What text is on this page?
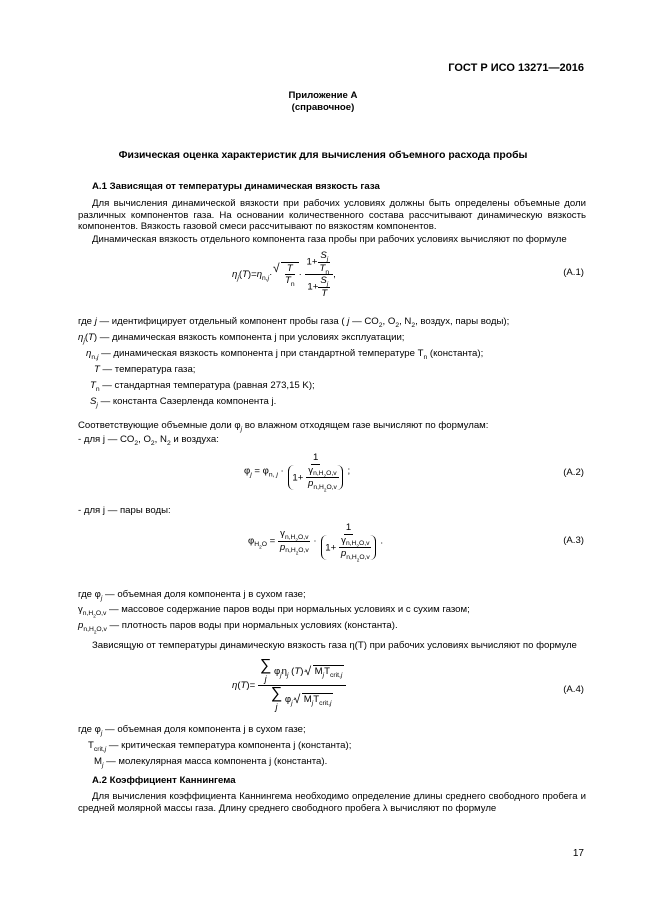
ГОСТ Р ИСО 13271—2016
Приложение А
(справочное)
Физическая оценка характеристик для вычисления объемного расхода пробы
А.1 Зависящая от температуры динамическая вязкость газа
Для вычисления динамической вязкости при рабочих условиях должны быть определены объемные доли различных компонентов газа. На основании количественного состава рассчитывают динамическую вязкость компонентов. Вязкость газовой смеси рассчитывают по вязкостям компонентов.
Динамическая вязкость отдельного компонента газа пробы при рабочих условиях вычисляют по формуле
$\eta_j(T)=\eta_{n,j}\cdot$
√ $\frac{T}{T_n} \cdot \frac{1+ \frac{S_j}{T_n}}{1+ \frac{S_j}{T}}$ ,	(А.1)
где j — идентифицирует отдельный компонент пробы газа ( j — $CO_2$, $O_2$, $N_2$, воздух, пары воды);
$\eta_j(T)$ — динамическая вязкость компонента j при условиях эксплуатации;
$\eta_{n,j}$ — динамическая вязкость компонента j при стандартной температуре $T_n$ (константа);
T — температура газа;
$T_n$ — стандартная температура (равная 273,15 K);
$S_j$ — константа Сазерленда компонента j.
Соответствующие объемные доли $\varphi_j$ во влажном отходящем газе вычисляют по формулам:
- для j — $CO_2$, $O_2$, $N_2$ и воздуха:
$\varphi_j = \varphi_{n, j} \cdot \frac{1}{1+ \frac{\gamma_{n,H_2O,v}}{p_{n,H_2O,v}}}$ ;	(А.2)
- для j — пары воды:
$\varphi_{H_2O} = \frac{\gamma_{n,H_2O,v}}{p_{n,H_2O,v}} \cdot \frac{1}{1+ \frac{\gamma_{n,H_2O,v}}{p_{n,H_2O,v}}}$ .	(А.3)
где $\varphi_j$ — объемная доля компонента j в сухом газе;
$\gamma_{n,H_2O,v}$ — массовое содержание паров воды при нормальных условиях и с сухим газом;
$p_{n,H_2O,v}$ — плотность паров воды при нормальных условиях (константа).
Зависящую от температуры динамическую вязкость газа η(T) при рабочих условиях вычисляют по формуле
η(T)= ∑
j
$\varphi_j\eta_j$ (T)·√ $M_jT_{crit,j}$
∑
j
$\varphi_j\cdot√$ $M_jT_{crit,j}$	(А.4)
где $\varphi_j$ — объемная доля компонента j в сухом газе;
$T_{crit,j}$ — критическая температура компонента j (константа);
$M_j$ — молекулярная масса компонента j (константа).
А.2 Коэффициент Каннингема
Для вычисления коэффициента Каннингема необходимо определение длины среднего свободного пробега и средней молярной массы газа. Длину среднего свободного пробега λ вычисляют по формуле
17
